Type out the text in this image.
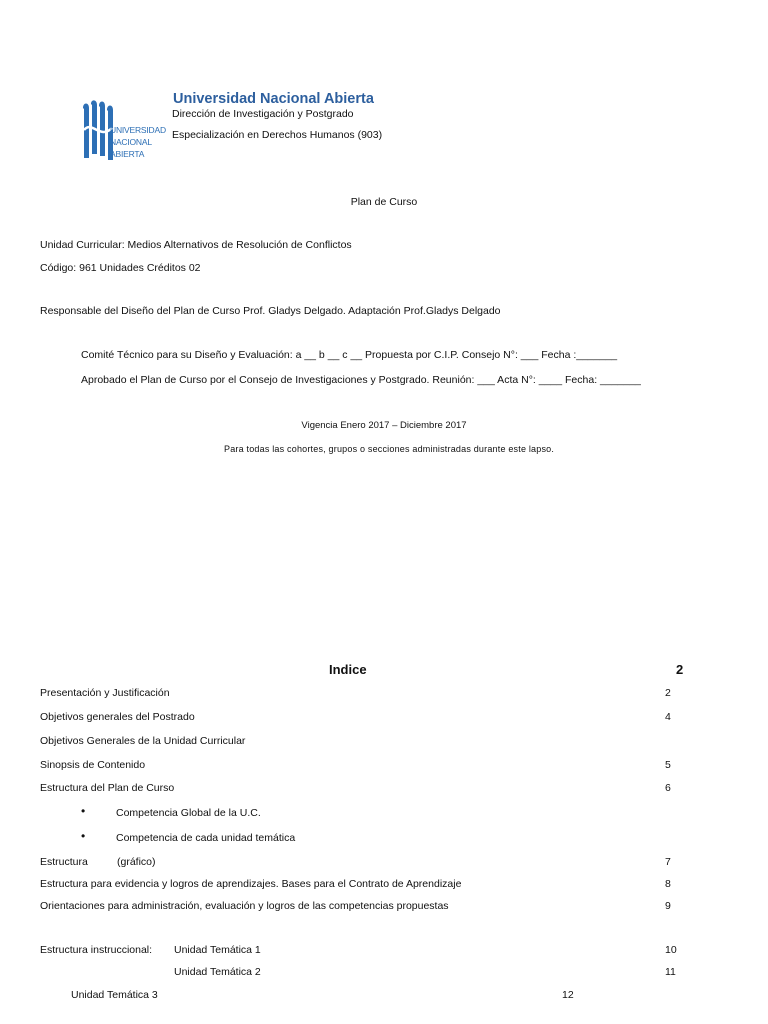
UNIVERSIDAD
NACIONAL
ABIERTA
Universidad Nacional Abierta
Dirección de Investigación y Postgrado
Especialización en Derechos Humanos (903)
Plan de Curso
Unidad Curricular: Medios Alternativos de Resolución de Conflictos
Código: 961 Unidades Créditos 02
Responsable del Diseño del Plan de Curso Prof. Gladys Delgado. Adaptación Prof.Gladys Delgado
Comité Técnico para su Diseño y Evaluación: a __ b __ c __ Propuesta por C.I.P. Consejo N°: ___ Fecha :_______
Aprobado el Plan de Curso por el Consejo de Investigaciones y Postgrado. Reunión: ___ Acta N°: ____ Fecha: _______
Vigencia Enero 2017 – Diciembre 2017
Para todas las cohortes, grupos o secciones administradas durante este lapso.
Indice	2
Presentación y Justificación	2
Objetivos generales del Postrado	4
Objetivos Generales de la Unidad Curricular
Sinopsis de Contenido	5
Estructura del Plan de Curso	6
•	Competencia Global de la U.C.
•	Competencia de cada unidad temática
Estructura	(gráfico)	7
Estructura para evidencia y logros de aprendizajes. Bases para el Contrato de Aprendizaje	8
Orientaciones para administración, evaluación y logros de las competencias propuestas	9
Estructura instruccional: Unidad Temática 1	10
Unidad Temática 2	11
Unidad Temática 3	12
